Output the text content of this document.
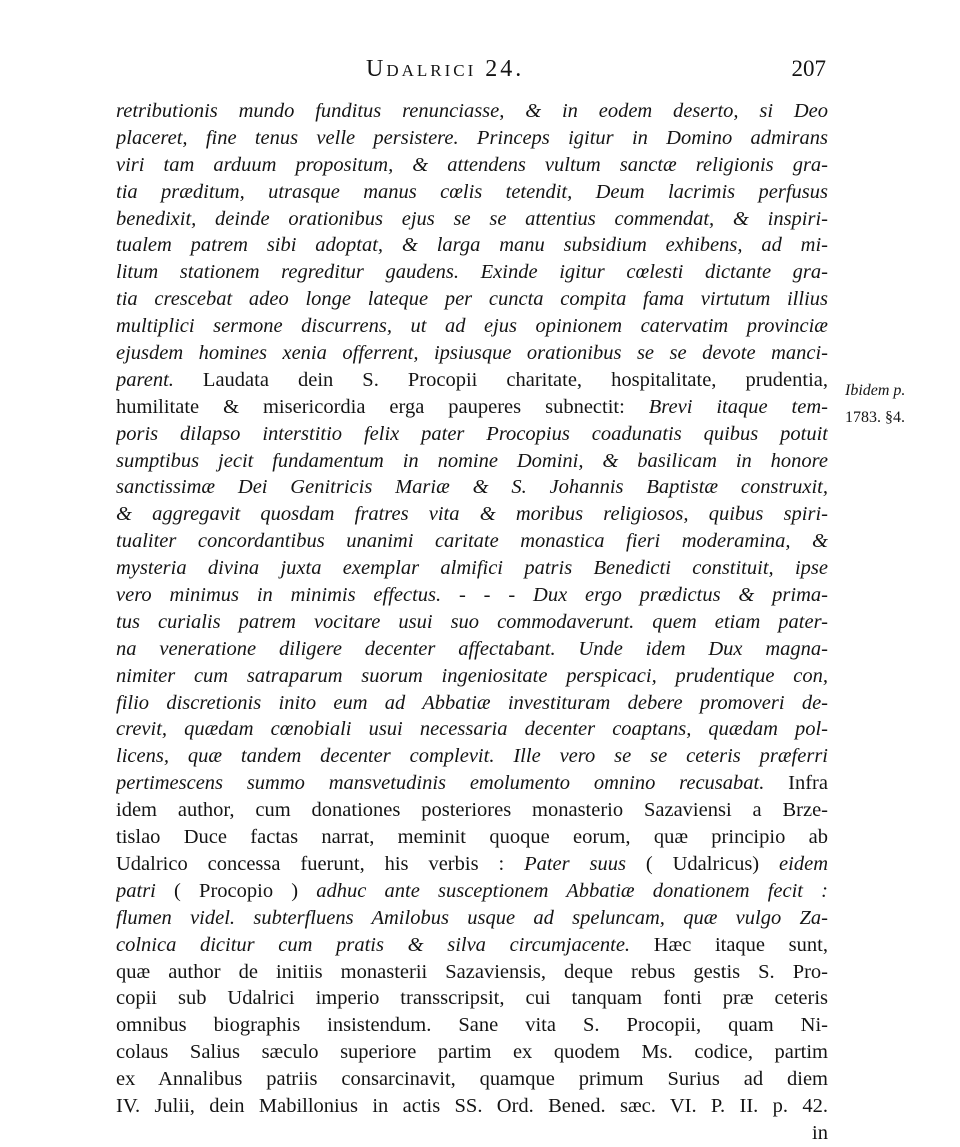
Udalrici 24.	207
retributionis mundo funditus renunciasse, & in eodem deserto, si Deo
placeret, fine tenus velle persistere. Princeps igitur in Domino admirans
viri tam arduum propositum, & attendens vultum sanctæ religionis gra-
tia præditum, utrasque manus cœlis tetendit, Deum lacrimis perfusus
benedixit, deinde orationibus ejus se se attentius commendat, & inspiri-
tualem patrem sibi adoptat, & larga manu subsidium exhibens, ad mi-
litum stationem regreditur gaudens. Exinde igitur cœlesti dictante gra-
tia crescebat adeo longe lateque per cuncta compita fama virtutum illius
multiplici sermone discurrens, ut ad ejus opinionem catervatim provinciæ
ejusdem homines xenia offerrent, ipsiusque orationibus se se devote manci-
parent. Laudata dein S. Procopii charitate, hospitalitate, prudentia,
humilitate & misericordia erga pauperes subnectit: Brevi itaque tem-
poris dilapso interstitio felix pater Procopius coadunatis quibus potuit
sumptibus jecit fundamentum in nomine Domini, & basilicam in honore
sanctissimæ Dei Genitricis Mariæ & S. Johannis Baptistæ construxit,
& aggregavit quosdam fratres vita & moribus religiosos, quibus spiri-
tualiter concordantibus unanimi caritate monastica fieri moderamina, &
mysteria divina juxta exemplar almifici patris Benedicti constituit, ipse
vero minimus in minimis effectus. - - - Dux ergo prædictus & prima-
tus curialis patrem vocitare usui suo commodaverunt. quem etiam pater-
na veneratione diligere decenter affectabant. Unde idem Dux magna-
nimiter cum satraparum suorum ingeniositate perspicaci, prudentique con,
filio discretionis inito eum ad Abbatiæ investituram debere promoveri de-
crevit, quædam cœnobiali usui necessaria decenter coaptans, quædam pol-
licens, quæ tandem decenter complevit. Ille vero se se ceteris præferri
pertimescens summo mansvetudinis emolumento omnino recusabat. Infra
idem author, cum donationes posteriores monasterio Sazaviensi a Brze-
tislao Duce factas narrat, meminit quoque eorum, quæ principio ab
Udalrico concessa fuerunt, his verbis : Pater suus ( Udalricus) eidem
patri ( Procopio ) adhuc ante susceptionem Abbatiæ donationem fecit :
flumen videl. subterfluens Amilobus usque ad speluncam, quæ vulgo Za-
colnica dicitur cum pratis & silva circumjacente. Hæc itaque sunt,
quæ author de initiis monasterii Sazaviensis, deque rebus gestis S. Pro-
copii sub Udalrici imperio transscripsit, cui tanquam fonti præ ceteris
omnibus biographis insistendum. Sane vita S. Procopii, quam Ni-
colaus Salius sæculo superiore partim ex quodem Ms. codice, partim
ex Annalibus patriis consarcinavit, quamque primum Surius ad diem
IV. Julii, dein Mabillonius in actis SS. Ord. Bened. sæc. VI. P. II. p. 42.
in
Ibidem p.
1783. §4.
